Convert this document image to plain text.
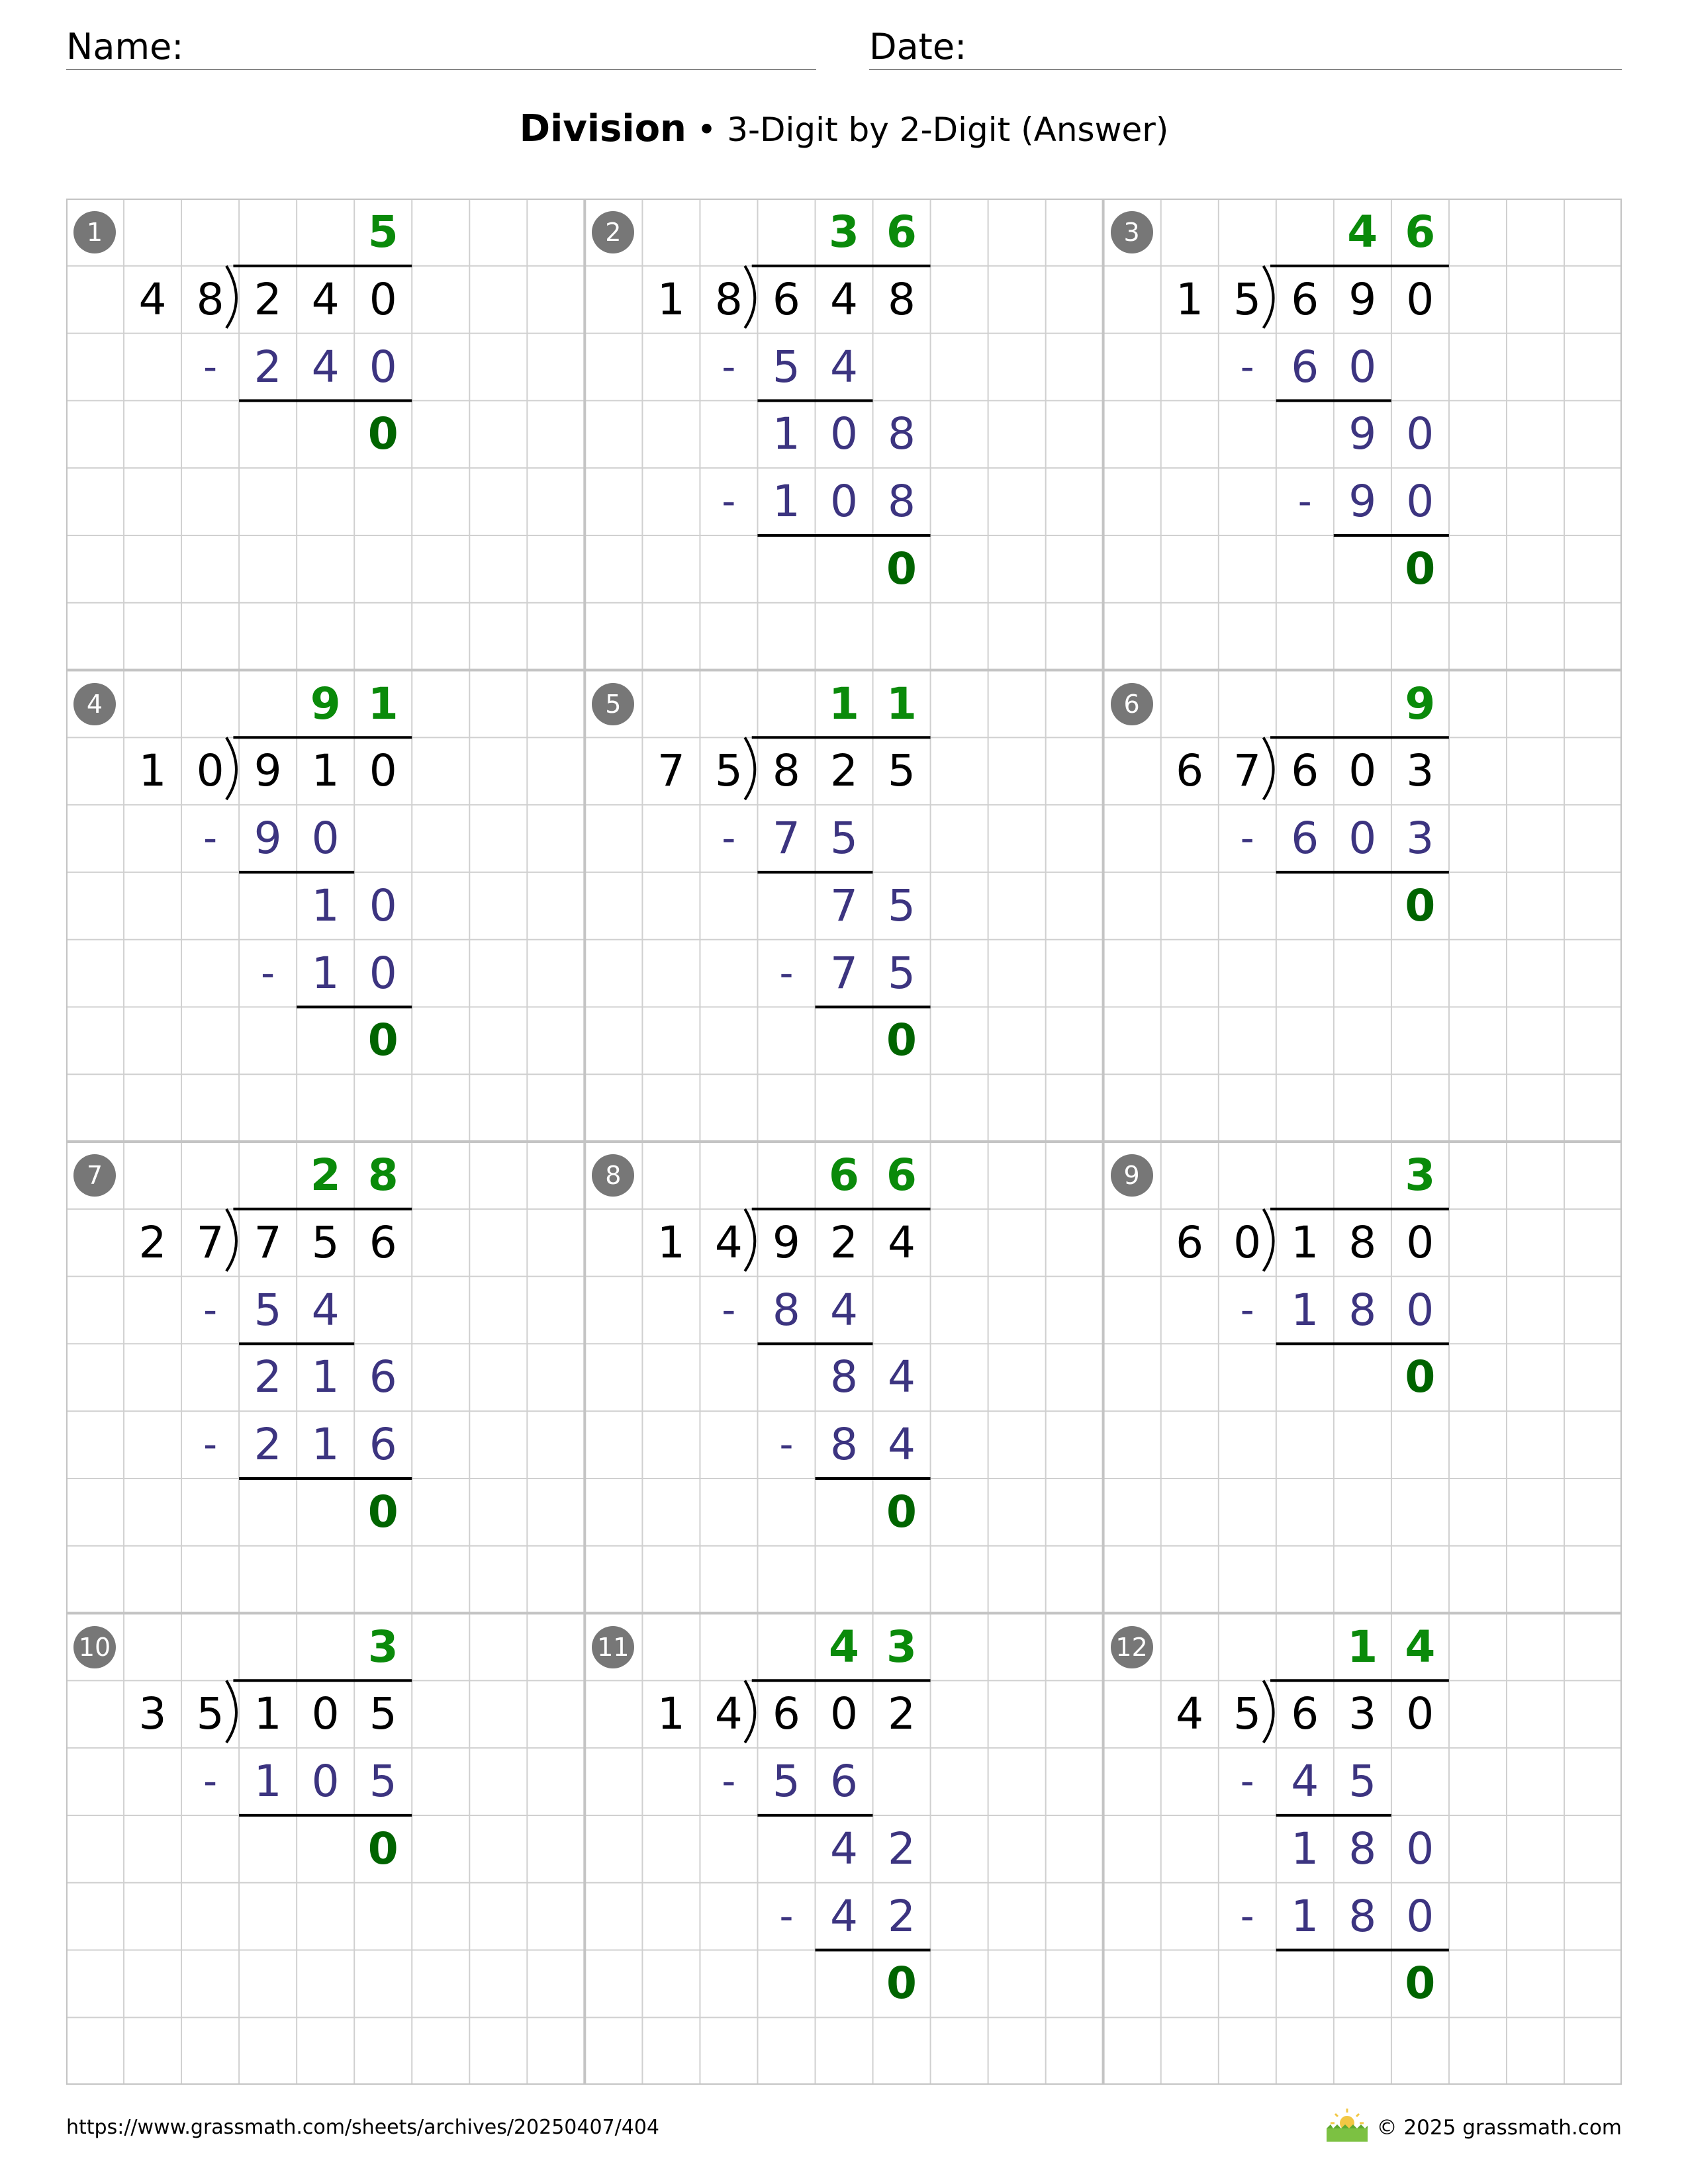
Name:	Date:
Division • 3-Digit by 2-Digit (Answer)
1	5
4 8 2 4 0
2 4 0
-
0
2	3 6
1 8 6 4 8
5 4
-
1 0 8
1 0 8
-
0
3	4 6
1 5 6 9 0
6 0
-
9 0
9 0
-
0
4	9 1
1 0 9 1 0
9 0
-
1 0
1 0
-
0
5	1 1
7 5 8 2 5
7 5
-
7 5
7 5
-
0
6	9
6 7 6 0 3
6 0 3
-
0
7	2 8
2 7 7 5 6
5 4
-
2 1 6
2 1 6
-
0
8	6 6
1 4 9 2 4
8 4
-
8 4
8 4
-
0
9	3
6 0 1 8 0
1 8 0
-
0
10	3
3 5 1 0 5
1 0 5
-
0
11	4 3
1 4 6 0 2
5 6
-
4 2
4 2
-
0
12	1 4
4 5 6 3 0
4 5
-
1 8 0
1 8 0
-
0
https://www.grassmath.com/sheets/archives/20250407/404	© 2025 grassmath.com
